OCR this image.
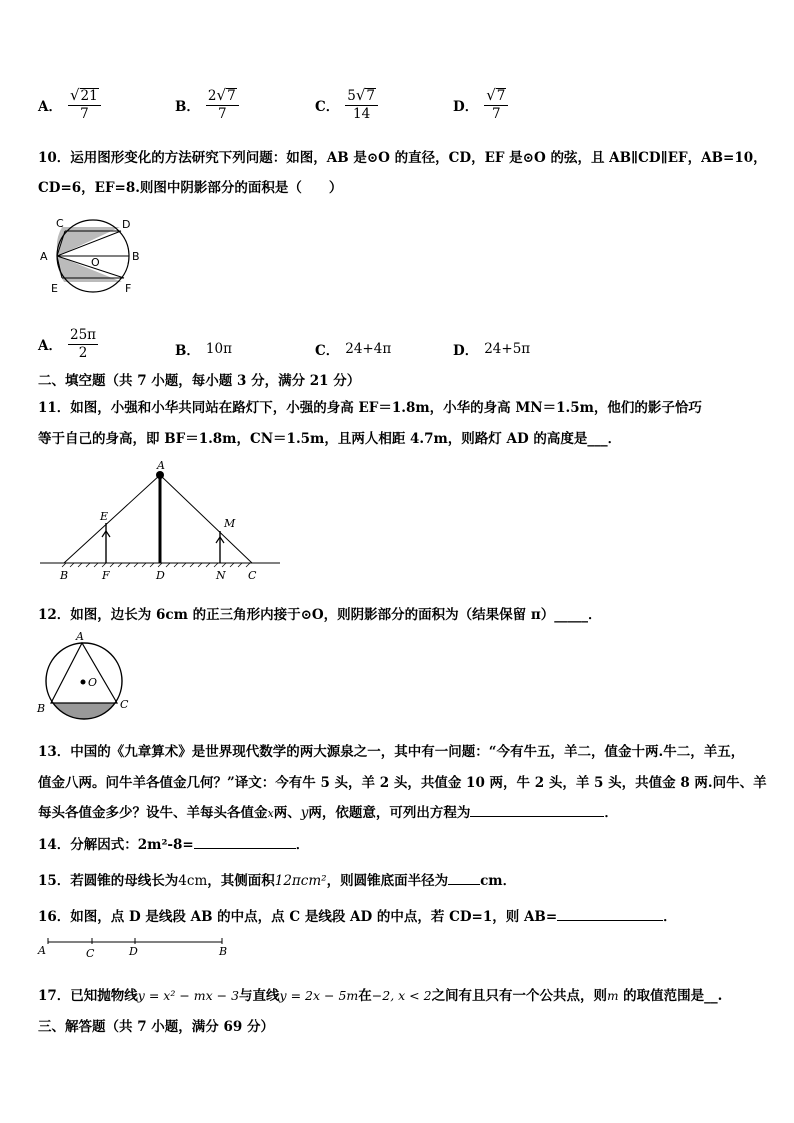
A． $\frac{√ 21}{7}$	B． $\frac{2 √ 7}{7}$	C． $\frac{5 √ 7}{14}$	D． $\frac{√ 7}{7}$
10．运用图形变化的方法研究下列问题：如图，AB 是⊙O 的直径，CD，EF 是⊙O 的弦，且 AB∥CD∥EF，AB=10，
CD=6，EF=8.则图中阴影部分的面积是（　　）
C	D
A	O	B
E	F
A． $\frac{25\pi}{2}$	B． 10π	C． 24+4π	D． 24+5π
二、填空题（共 7 小题，每小题 3 分，满分 21 分）
11．如图，小强和小华共同站在路灯下，小强的身高 EF＝1.8m，小华的身高 MN＝1.5m，他们的影子恰巧
等于自己的身高，即 BF＝1.8m，CN＝1.5m，且两人相距 4.7m，则路灯 AD 的高度是___．
A
E
M
B	F	D	N C
12．如图，边长为 6cm 的正三角形内接于⊙O，则阴影部分的面积为（结果保留 π）_____．
A
O
B	C
13．中国的《九章算术》是世界现代数学的两大源泉之一，其中有一问题：“今有牛五，羊二，值金十两.牛二，羊五，
值金八两。问牛羊各值金几何？”译文：今有牛 5 头，羊 2 头，共值金 10 两，牛 2 头，羊 5 头，共值金 8 两.问牛、羊
每头各值金多少？设牛、羊每头各值金x两、y两，依题意，可列出方程为	．
14．分解因式：2m²-8=	．
15．若圆锥的母线长为4cm，其侧面积12πcm²，则圆锥底面半径为 cm．
16．如图，点 D 是线段 AB 的中点，点 C 是线段 AD 的中点，若 CD=1，则 AB=	．
A	C	D	B
17．已知抛物线y = x² − mx − 3与直线y = 2x − 5m在−2, x < 2之间有且只有一个公共点，则m 的取值范围是__.
三、解答题（共 7 小题，满分 69 分）
